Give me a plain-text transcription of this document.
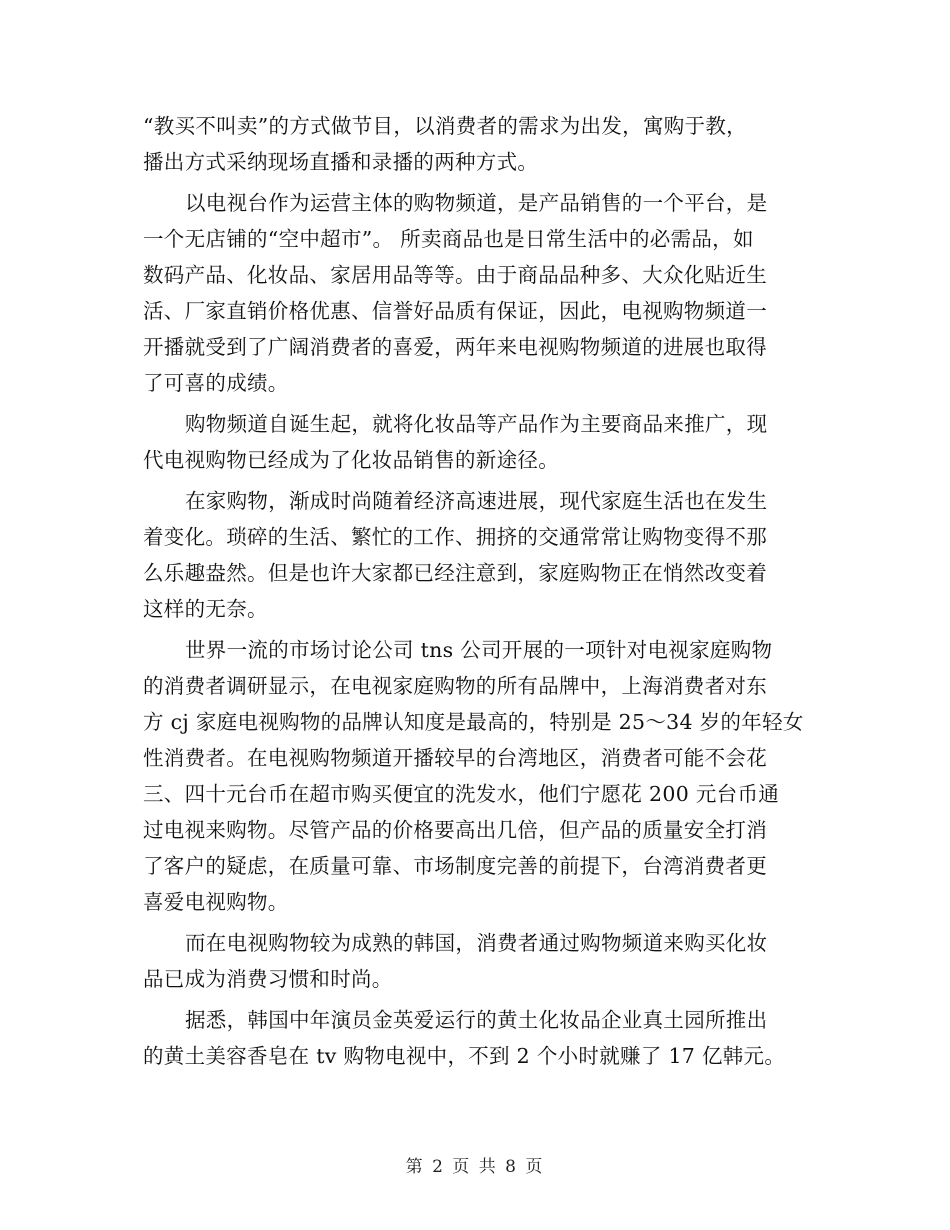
“教买不叫卖”的方式做节目，以消费者的需求为出发，寓购于教，
播出方式采纳现场直播和录播的两种方式。
以电视台作为运营主体的购物频道，是产品销售的一个平台，是
一个无店铺的“空中超市”。 所卖商品也是日常生活中的必需品，如
数码产品、化妆品、家居用品等等。由于商品品种多、大众化贴近生
活、厂家直销价格优惠、信誉好品质有保证，因此，电视购物频道一
开播就受到了广阔消费者的喜爱，两年来电视购物频道的进展也取得
了可喜的成绩。
购物频道自诞生起，就将化妆品等产品作为主要商品来推广，现
代电视购物已经成为了化妆品销售的新途径。
在家购物，渐成时尚随着经济高速进展，现代家庭生活也在发生
着变化。琐碎的生活、繁忙的工作、拥挤的交通常常让购物变得不那
么乐趣盎然。但是也许大家都已经注意到，家庭购物正在悄然改变着
这样的无奈。
世界一流的市场讨论公司 tns 公司开展的一项针对电视家庭购物
的消费者调研显示，在电视家庭购物的所有品牌中，上海消费者对东
方 cj 家庭电视购物的品牌认知度是最高的，特别是 25～34 岁的年轻女
性消费者。在电视购物频道开播较早的台湾地区，消费者可能不会花
三、四十元台币在超市购买便宜的洗发水，他们宁愿花 200 元台币通
过电视来购物。尽管产品的价格要高出几倍，但产品的质量安全打消
了客户的疑虑，在质量可靠、市场制度完善的前提下，台湾消费者更
喜爱电视购物。
而在电视购物较为成熟的韩国，消费者通过购物频道来购买化妆
品已成为消费习惯和时尚。
据悉，韩国中年演员金英爱运行的黄土化妆品企业真土园所推出
的黄土美容香皂在 tv 购物电视中，不到 2 个小时就赚了 17 亿韩元。
第 2 页 共 8 页
